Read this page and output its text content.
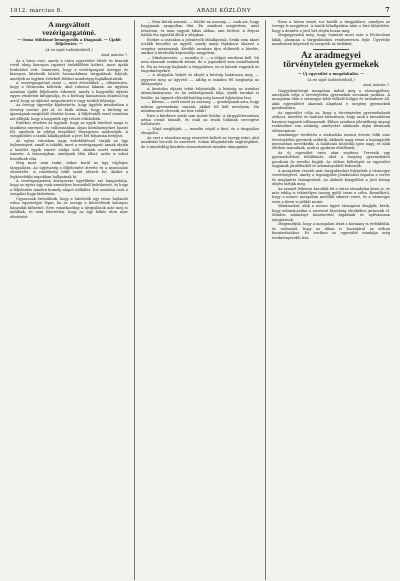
1912. március 8.	ARADI KÖZLÖNY	7
A megváltott
vezérigazgatóné.
— Ozma Miklósné bemegyedik a Diagonál. — Újabb följelentés. —
(A mi saját tudósítónktól.)
Arad, március 7.

Az a híres eset, amely a város egyesületi életét és bennük rövid ideig bizonyos izgatott érdeklődést keltett, most újabb fordulatot vett. Ismeretes, hogy a vezérigazgató özvegye és bizonyos hitelezők között hosszadalmas tárgyalások folytak, amelyek az ügyben érdekelt feleket mindvégig foglalkoztatták.

A vezérigazgatóné most — mint értesülünk — elhatározta, hogy a fővárosba költözik, ahol rokonai laknak. Az ügyben azonban újabb följelentés érkezett, amely a hagyatéki eljárás egyes részleteit kifogásolja, és a bíróság hamarosan dönteni fog arról, hogy az eljárást megszünteti-e vagy tovább folytatja.

Az özvegy ügyvédje kijelentette, hogy ügyfele mindenben a törvény szerint járt el, és bízik abban, hogy a bíróság az igazságnak megfelelő döntést hozza. A följelentők ezzel szemben azt állítják, hogy a hagyaték egy részét eltitkolták.

Érdekes részlete az ügynek, hogy az egyik hitelező maga is tanúként szerepel, és vallomásában olyan körülményeket hozott föl, amelyek az eddigi tényállást lényegesen módosítják. A vizsgálóbíró a tanúk kihallgatását a jövő hét folyamán befejezi.

Az egész városban nagy érdeklődéssel várják az ügy fejleményeit, annál is inkább, mert a vezérigazgató annak idején a közélet egyik ismert alakja volt, akinek nevét mindenki ismerte. A társaságban, amelynek élén állott, azóta is sokat beszélnek róla.

Még most nem tudni, mikor kerül az ügy végleges tárgyalásra. Az ügyészség a följelentést átvette és a nyomozást elrendelte. A rendőrség több tanút idézett be, akiket a legközelebbi napokban hallgatnak ki.

A vezérigazgatóné környezete egyébként azt hangoztatja, hogy az egész ügy csak személyes bosszúból keletkezett, és hogy a följelentés minden komoly alapot nélkülöz. Ezt azonban csak a vizsgálat fogja kideríteni.

Ugyancsak értesülünk, hogy a hitelezők egy része hajlandó volna egyezségre lépni, ha az özvegy a követelések bizonyos hányadát kifizetné. Erre vonatkozólag a tárgyalások már meg is indultak, és nem lehetetlen, hogy az ügy békés úton nyer elintézést.

— Nem kérek semmit, — felelte az asszony, — csak azt, hogy hagyjanak nyugodtan élni. Én mindent megtettem, amit tehettem, és nem vagyok hibás abban, ami történt. A férjem halála óta egyedül állok a világban.

Ezekre a szavakra a jelenlevők elhallgattak. Senki sem akart tovább beszélni az ügyről, amely annyi fájdalmat okozott a szegény asszonynak. Később azonban újra előkerült a kérdés, amikor a hitelezők képviselője megjelent.

— Mindenesetre, — mondta ő, — a dolgot rendezni kell. Mi nem akarunk senkinek ártani, de a jogainkról sem mondhatunk le. Ha az özvegy hajlandó a tárgyalásra, mi is készek vagyunk az engedményekre.

— A tárgyalás helyét és idejét a bíróság határozza meg, — jegyezte meg az ügyvéd. — Addig is minden fél megtartja az álláspontját.

A hivatalos eljárás tehát folytatódik. A bíróság az iratokat áttanulmányozza, és ha szükségesnek látja, újabb tanúkat is beidéz. Az ügynek előreláthatólag még hosszú folytatása lesz.

— Kérem, — szólt ismét az asszony, — gondoljanak arra, hogy nekem gyermekeim vannak, akiket föl kell nevelnem. Ha mindenemet elveszik, mi lesz velük?

Erre a kérdésre senki sem tudott felelni. A tárgyalóteremben néma csend támadt, és csak az írnok tollának sercegése hallatszott.

— Majd meglátjuk, — mondta végül a bíró, és a tárgyalást elnapolta.

Az eset a városban nagy részvétet keltett az özvegy iránt, akit mindenki becsült és szeretett. Sokan felajánlották segítségüket, de ő mindeddig büszkén visszautasított minden támogatást.

Ezen a héten ismét sor került a tárgyalásra, amelyen az özvegy is megjelent. A tanúk kihallgatása után a bíró kihirdette, hogy a döntést a jövő hét elején hozza meg.

Megjegyezzük még, hogy Ozmáné most már a fővárosban lakik, ahonnan a tárgyalásokra rendszeresen lejár. Ügyvédje mindenben képviseli és megvédi az érdekeit.

Az aradmegyei
törvénytelen gyermekek
— Új egyesület a megalakulás. —
(A mi saját tudósítónktól.)
Arad, március 7.

Nagyjelentőségű mozgalom indult meg a vármegyében, amelynek célja a törvénytelen gyermekek sorsának javítása. A mozgalom élén a vármegye több előkelő hölgye és úriembere áll, akik egyesületet akarnak alapítani e szegény gyermekek gondozására.

Az egyesület célja az, hogy a törvénytelen gyermekeknek otthont, nevelést és tanítást biztosítson, hogy azok a társadalom hasznos tagjaivá válhassanak. Ehhez azonban jelentékeny anyagi eszközökre van szükség, amelyeket adakozás útján kívánnak előteremteni.

Aradmegye területén a statisztika szerint évente több száz törvénytelen gyermek születik, akiknek nagy része a legnagyobb nyomorban nevelkedik. A halálozás közöttük igen nagy, és akik életben maradnak, azok is gyakran elzüllenek.

Az új egyesület ezen akar segíteni. Tervezik egy gyermekotthon felállítását, ahol a szegény gyermekeket gondozni és nevelni fogják. Az otthon költségeit az egyesület tagjainak járulékaiból és adományokból fedeznék.

A mozgalom vezetői már tárgyalásokat folytattak a vármegye vezetőségével, amely a legnagyobb jóindulattal fogadta a tervet és megígérte támogatását. Az alakuló közgyűlést a jövő hónap elején tartják meg.

Az eszmét lelkesen karolták fel a város társadalmi körei is, és már eddig is tekintélyes összeg gyűlt össze a célra. Remélhető, hogy a nemes mozgalom mielőbb sikerre vezet, és a vármegye ezen a téren is példát mutat.

Mindazokat, akik a nemes ügyet támogatni óhajtják, kérik, hogy adományaikat a szervező bizottság elnökéhez juttassák el. Minden adományt köszönettel fogadnak és nyilvánosan nyugtáznak.

Megemlítjük, hogy a mozgalom iránt a kormány is érdeklődik, és valószínű, hogy az állam is hozzájárul az otthon fenntartásához. Ez esetben az egyesület munkája még eredményesebb lesz.
